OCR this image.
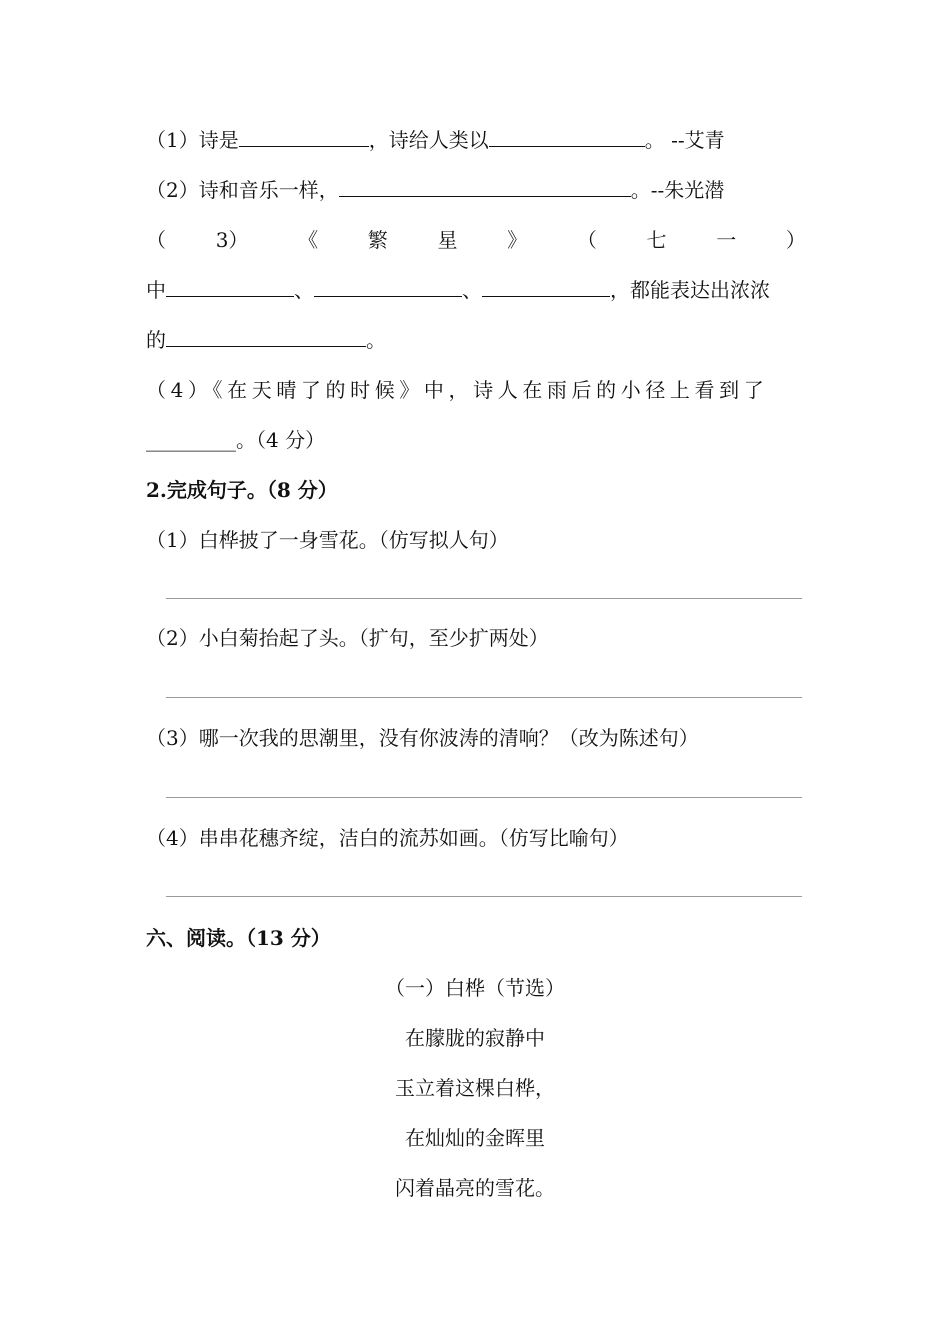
（1）诗是	，诗给人类以	。 --艾青
（2）诗和音乐一样，	。--朱光潜
（ 3） 《 繁 星 》 （ 七 一 ）
中	、	、	，都能表达出浓浓
的	。
（4）《在天晴了的时候》中，诗人在雨后的小径上看到了
_________。（4 分）
2.完成句子。（8 分）
（1）白桦披了一身雪花。（仿写拟人句）
（2）小白菊抬起了头。（扩句，至少扩两处）
（3）哪一次我的思潮里，没有你波涛的清响？（改为陈述句）
（4）串串花穗齐绽，洁白的流苏如画。（仿写比喻句）
六、阅读。（13 分）
（一）白桦（节选）
在朦胧的寂静中
玉立着这棵白桦，
在灿灿的金晖里
闪着晶亮的雪花。
